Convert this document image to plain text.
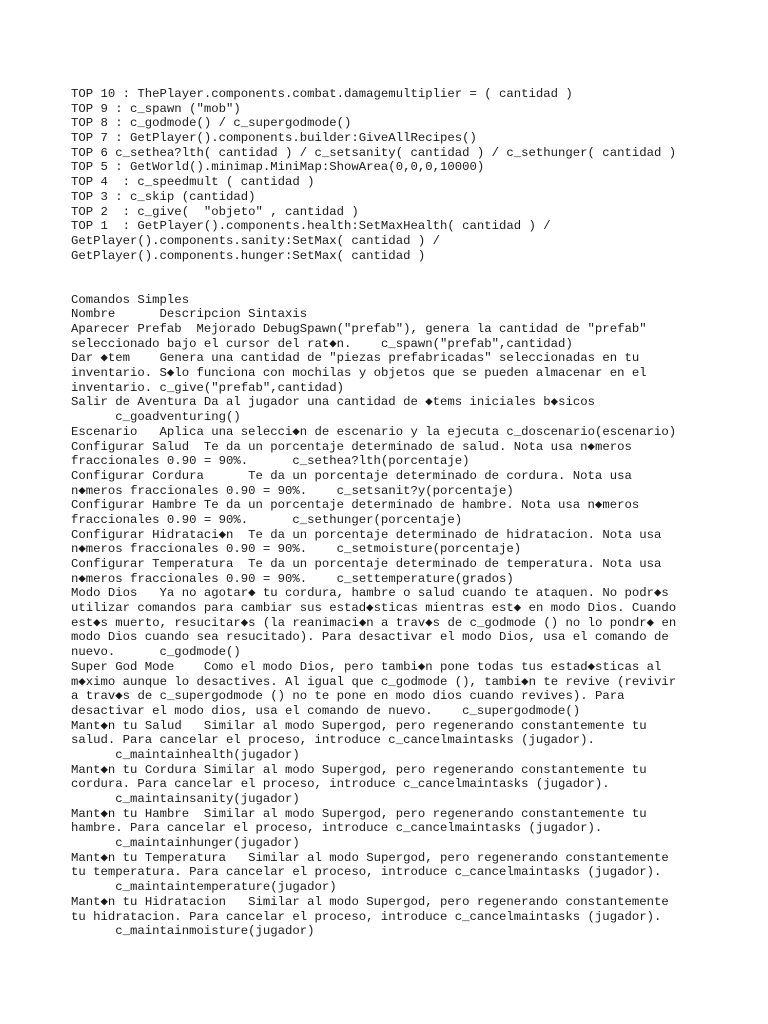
TOP 10 : ThePlayer.components.combat.damagemultiplier = ( cantidad )
TOP 9 : c_spawn ("mob")
TOP 8 : c_godmode() / c_supergodmode()
TOP 7 : GetPlayer().components.builder:GiveAllRecipes()
TOP 6 c_sethea?lth( cantidad ) / c_setsanity( cantidad ) / c_sethunger( cantidad )
TOP 5 : GetWorld().minimap.MiniMap:ShowArea(0,0,0,10000)
TOP 4  : c_speedmult ( cantidad )
TOP 3 : c_skip (cantidad)
TOP 2  : c_give(  "objeto" , cantidad )
TOP 1  : GetPlayer().components.health:SetMaxHealth( cantidad ) /
GetPlayer().components.sanity:SetMax( cantidad ) /
GetPlayer().components.hunger:SetMax( cantidad )
Comandos Simples
Nombre      Descripcion Sintaxis
Aparecer Prefab  Mejorado DebugSpawn("prefab"), genera la cantidad de "prefab"
seleccionado bajo el cursor del rat◆n.    c_spawn("prefab",cantidad)
Dar ◆tem    Genera una cantidad de "piezas prefabricadas" seleccionadas en tu
inventario. S◆lo funciona con mochilas y objetos que se pueden almacenar en el
inventario. c_give("prefab",cantidad)
Salir de Aventura Da al jugador una cantidad de ◆tems iniciales b◆sicos
c_goadventuring()
Escenario   Aplica una selecci◆n de escenario y la ejecuta c_doscenario(escenario)
Configurar Salud  Te da un porcentaje determinado de salud. Nota usa n◆meros
fraccionales 0.90 = 90%.      c_sethea?lth(porcentaje)
Configurar Cordura      Te da un porcentaje determinado de cordura. Nota usa
n◆meros fraccionales 0.90 = 90%.    c_setsanit?y(porcentaje)
Configurar Hambre Te da un porcentaje determinado de hambre. Nota usa n◆meros
fraccionales 0.90 = 90%.      c_sethunger(porcentaje)
Configurar Hidrataci◆n  Te da un porcentaje determinado de hidratacion. Nota usa
n◆meros fraccionales 0.90 = 90%.    c_setmoisture(porcentaje)
Configurar Temperatura  Te da un porcentaje determinado de temperatura. Nota usa
n◆meros fraccionales 0.90 = 90%.    c_settemperature(grados)
Modo Dios   Ya no agotar◆ tu cordura, hambre o salud cuando te ataquen. No podr◆s
utilizar comandos para cambiar sus estad◆sticas mientras est◆ en modo Dios. Cuando
est◆s muerto, resucitar◆s (la reanimaci◆n a trav◆s de c_godmode () no lo pondr◆ en
modo Dios cuando sea resucitado). Para desactivar el modo Dios, usa el comando de
nuevo.      c_godmode()
Super God Mode    Como el modo Dios, pero tambi◆n pone todas tus estad◆sticas al
m◆ximo aunque lo desactives. Al igual que c_godmode (), tambi◆n te revive (revivir
a trav◆s de c_supergodmode () no te pone en modo dios cuando revives). Para
desactivar el modo dios, usa el comando de nuevo.    c_supergodmode()
Mant◆n tu Salud   Similar al modo Supergod, pero regenerando constantemente tu
salud. Para cancelar el proceso, introduce c_cancelmaintasks (jugador).
c_maintainhealth(jugador)
Mant◆n tu Cordura Similar al modo Supergod, pero regenerando constantemente tu
cordura. Para cancelar el proceso, introduce c_cancelmaintasks (jugador).
c_maintainsanity(jugador)
Mant◆n tu Hambre  Similar al modo Supergod, pero regenerando constantemente tu
hambre. Para cancelar el proceso, introduce c_cancelmaintasks (jugador).
c_maintainhunger(jugador)
Mant◆n tu Temperatura   Similar al modo Supergod, pero regenerando constantemente
tu temperatura. Para cancelar el proceso, introduce c_cancelmaintasks (jugador).
c_maintaintemperature(jugador)
Mant◆n tu Hidratacion   Similar al modo Supergod, pero regenerando constantemente
tu hidratacion. Para cancelar el proceso, introduce c_cancelmaintasks (jugador).
c_maintainmoisture(jugador)
